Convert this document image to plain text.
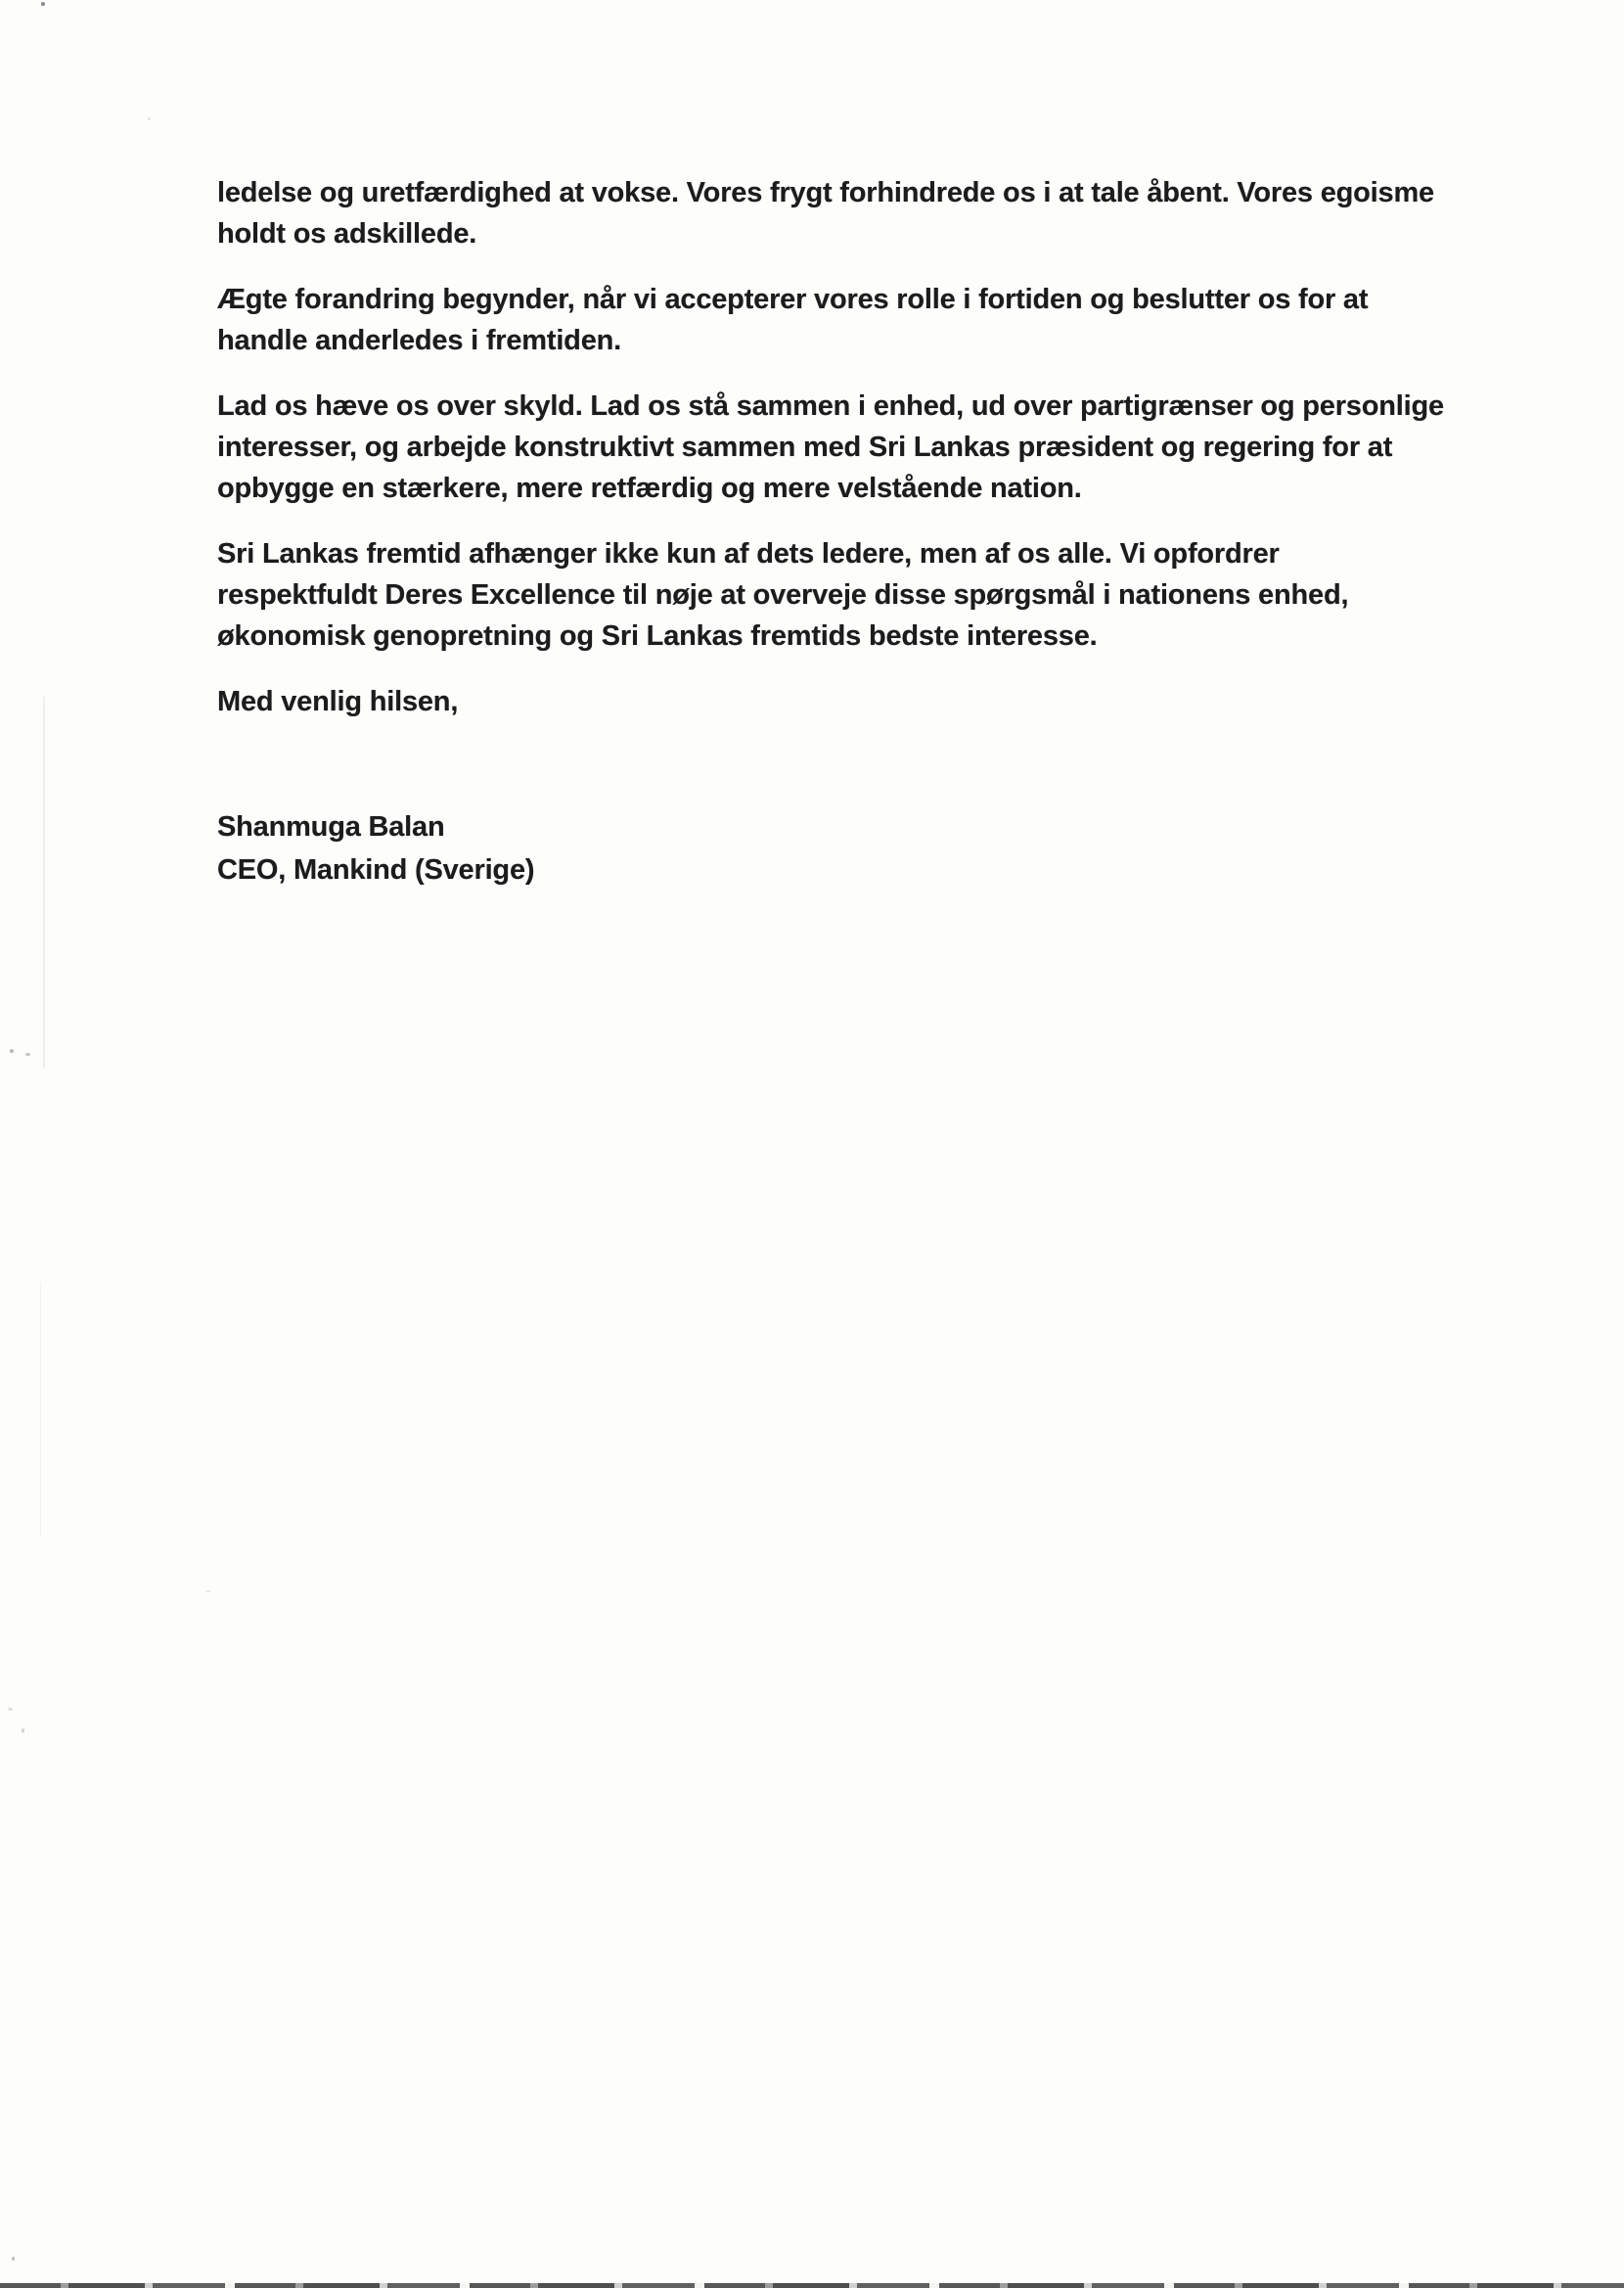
ledelse og uretfærdighed at vokse. Vores frygt forhindrede os i at tale åbent. Vores egoisme
holdt os adskillede.
Ægte forandring begynder, når vi accepterer vores rolle i fortiden og beslutter os for at
handle anderledes i fremtiden.
Lad os hæve os over skyld. Lad os stå sammen i enhed, ud over partigrænser og personlige
interesser, og arbejde konstruktivt sammen med Sri Lankas præsident og regering for at
opbygge en stærkere, mere retfærdig og mere velstående nation.
Sri Lankas fremtid afhænger ikke kun af dets ledere, men af os alle. Vi opfordrer
respektfuldt Deres Excellence til nøje at overveje disse spørgsmål i nationens enhed,
økonomisk genopretning og Sri Lankas fremtids bedste interesse.
Med venlig hilsen,
Shanmuga Balan
CEO, Mankind (Sverige)
